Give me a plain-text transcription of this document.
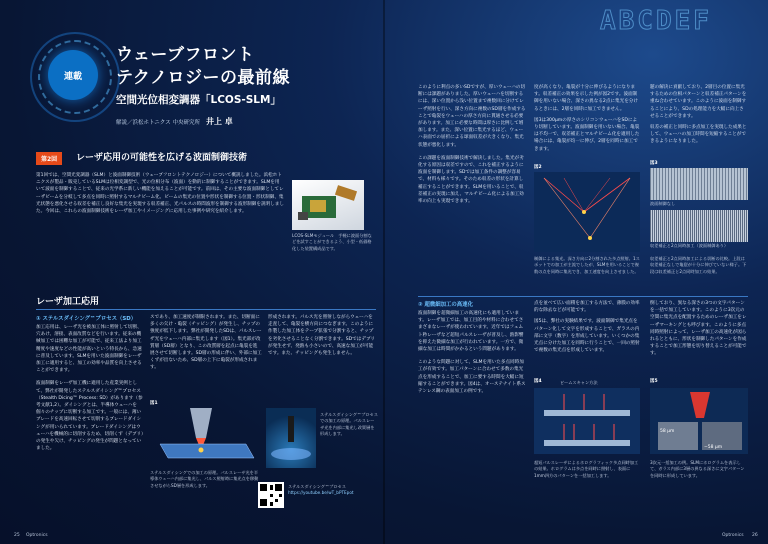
連載
ウェーブフロント
テクノロジーの最前線
空間光位相変調器「LCOS-SLM」
解説／浜松ホトニクス 中央研究所 井上 卓
第2回	レーザ応用の可能性を広げる波面制御技術

第1回では、空間光変調器（SLM）と波面制御技術（ウェーブフロントテクノロジー）について概説しました。浜松ホトニクスが製品・販売しているSLMは位相変調型で、光の位相分布（波面）を動的に制御することができます。SLMを用いて波面を制御することで、従来の光学系に新しい機能を加えることが可能です。前回は、その主要な波面制御としてレーザビームを分岐して多点を同時に照射するマルチビーム化、ビームの集光の位置や形状を制御する位置・形状制御、集光状態を悪化させる収差を補正し良好な集光を実現する収差補正、光パルスの時間波形を制御する波形制御を説明しました。今回は、これらの波面制御技術をレーザ加工やイメージングに応用した事例や研究を紹介します。

LCOS-SLMモジュール　手軽に波面分割などを試すことができるよう、小型・低価格化した装置構成品です。

レーザ加工応用
① ステルスダイシング™プロセス（SD）

加工応用は、レーザ光を被加工体に照射して切断、穴あけ、溶接、表面改質などを行います。従来の機械加工では困難な加工が可能で、従来工法より加工精度や速度などの性能が高いという特長から、急速に普及しています。SLMを用いた波面制御をレーザ加工に適用すると、加工の効率や品質を向上させることができます。

波面制御をレーザ加工機に適用した産業実例として、弊社が開発したステルスダイシング™プロセス（Stealth Dicing™ Process: SD）があります（参考文献1,2）。ダイシングとは、半導体ウェーハを個々のチップに切断する加工です。一般には、薄いブレードを高速回転させて切削するブレードダイシングが用いられています。ブレードダイシングはウェーハを機械的に切削するため、切削くず（デブリ）の発生や欠け、チッピングの発生が問題となっていました。

スであり、加工速度が制限されます。また、切断面に多くの欠け・亀裂（チッピング）が発生し、チップの強度が低下します。弊社が開発したSDは、パルスレーザ光をウェーハ内部に集光します（図1）。集光部が改質層（SD層）となり、この改質層を起点に亀裂を進展させて切断します。SD層の形成に伴い、外部に加工くずが出ないため、SD層の上下に亀裂が形成されます。

形成されます。パルス光を照射しながらウェーハを走査して、亀裂を横方向につなぎます。このように作製した加工体をテープ拡張で分割すると、チップを劣化させることなく分割できます。SDではデブリが発生せず、発熱も小さいので、高速な加工が可能です。また、チッピングも発生しません。

図1

ステルスダイシングでの加工の原理。パルスレーザ光を半導体ウェーハ内部に集光し、パルス照射時に集光点を移動させながらSD層を形成します。

ステルスダイシング™プロセスでの加工の原理。パルスレーザ光を内部に集光し改質層を形成します。

ステルスダイシング™プロセス

https://youtube.be/wT_bPTEpot

25 Optronics
ABCDEF

このように利点の多いSDですが、厚いウェーハの切断には課題がありました。厚いウェーハを切断するには、深い位置から浅い位置まで複数回に分けてレーザ照射を行い、深さ方向に複数のSD層を作成することで亀裂をウェーハの厚さ方向に貫通させる必要があります。加工に必要な時間は厚さに比例して増加します。また、深い位置に集光するほど、ウェーハ表面での屈折による球面収差が大きくなり、集光状態が悪化します。

この課題を波面制御技術で解決しました。集光が劣化する原因は収差ですので、これを補正するように波面を制御します。SDでは加工条件の調整が容易で、材料も様々です。そのため収差の形状を計算し補正することができます。SLMを用いることで、収差補正の実現に加え、マルチビーム化による加工効率の向上も実現できます。

度が高くなり、亀裂が十分に伸びるようになります。収差補正の効果を示した例が図2です。波面制御を用いない場合、深さの異なる2点に集光を分けるときには、2層を同時に加工できません。

図3は300μmの厚さのシリコンウェーハをSDにより切断しています。波面制御を用いない場合、亀裂は不均一で、収差補正とマルチビーム化を適用した場合には、亀裂が均一に伸び、2層を同時に加工できます。

題の解決に貢献しており、2層目の位置に集光するための位相パターンと収差補正パターンを重ね合わせています。このように波面を制御することにより、SDの処理能力を大幅に向上させることができます。

収差の補正と同時に多点加工を実現した成果として、ウェーハの加工時間を短縮することができるようになりました。

図2

制御による集光。深さ方向に2分割された多点照射。1スポットでの加工が主流でしたが、SLMを用いることで複数の点を同時に集光でき、加工速度を向上させました。

図3
波面制御なし
収差補正と2点同時加工（波面制御あり）

収差補正と2点同時加工による切断の比較。上段は収差補正なしで亀裂が十分に伸びていない様子。下段は収差補正と2点同時加工の結果。

② 超微細加工の高速化

波面制御を超微細加工の高速化にも適用しています。レーザ加工では、加工目的や材料に合わせてさまざまなレーザが使われています。近年ではフェムト秒レーザなど超短パルスレーザが普及し、熱影響を抑えた微細な加工が行われています。一方で、微細な加工は時間がかかるという問題があります。

このような問題に対して、SLMを用いた多点同時加工が有効です。加工パターンに合わせて多数の集光点を形成することで、加工に要する時間を大幅に短縮することができます。図4は、オーステナイト系ステンレス鋼の表面加工の例です。

点を並べて広い面積を加工する方法で、薄膜の効率的な除去などが可能です。

図5は、弊社の実験結果です。波面制御で集光点をパターン化して文字を形成することで、ガラスの内部に文字（数字）を形成しています。いくつかの集光点に分けた加工を同時に行うことで、一回の照射で複数の集光点を形成しています。

倒しており、異なる深さの3つの文字パターンを一括で加工しています。このように3次元の空間に集光点を配置するためのレーザ加工をレーザマーキングとも呼びます。このように多点同時照射によって、レーザ加工の高速化が図られるとともに、形状を制御したパターンを作成することで加工形態を切り替えることが可能です。

図4	ビームスキャン方法

超短パルスレーザによるホログラフィック多点同時加工の結果。ホログラムは多点を同時に照射し、表面に1mm四方のパターンを一括加工します。

図5
58 μm
−58 μm

3次元一括加工の例。SLMにホログラムを表示して、ガラス内部に3層の異なる深さに文字パターンを同時に形成しています。

Optronics 26
